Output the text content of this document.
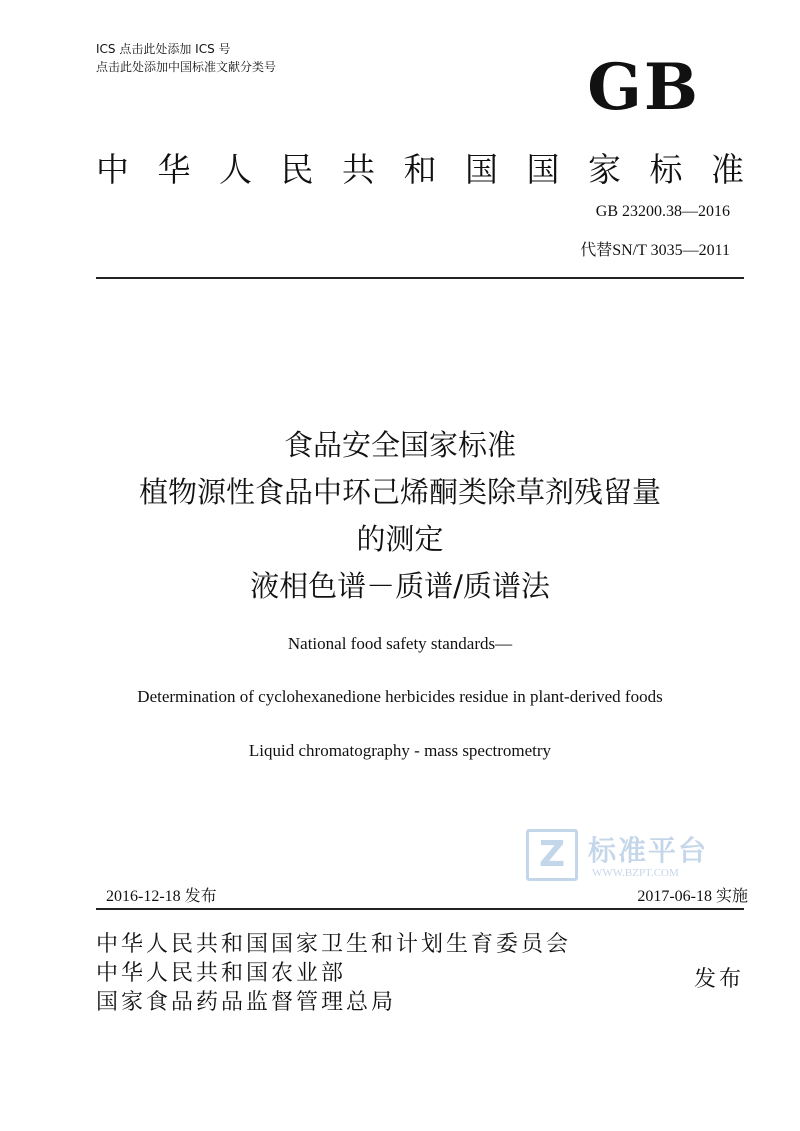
ICS 点击此处添加 ICS 号
点击此处添加中国标准文献分类号	GB
中 华 人 民 共 和 国 国 家 标 准
GB 23200.38—2016
代替SN/T 3035—2011
食品安全国家标准
植物源性食品中环己烯酮类除草剂残留量
的测定
液相色谱－质谱/质谱法
National food safety standards—
Determination of cyclohexanedione herbicides residue in plant-derived foods
Liquid chromatography - mass spectrometry
Z
标准平台
WWW.BZPT.COM
2016-12-18 发布	2017-06-18 实施
中华人民共和国国家卫生和计划生育委员会
中华人民共和国农业部
国家食品药品监督管理总局
发布
